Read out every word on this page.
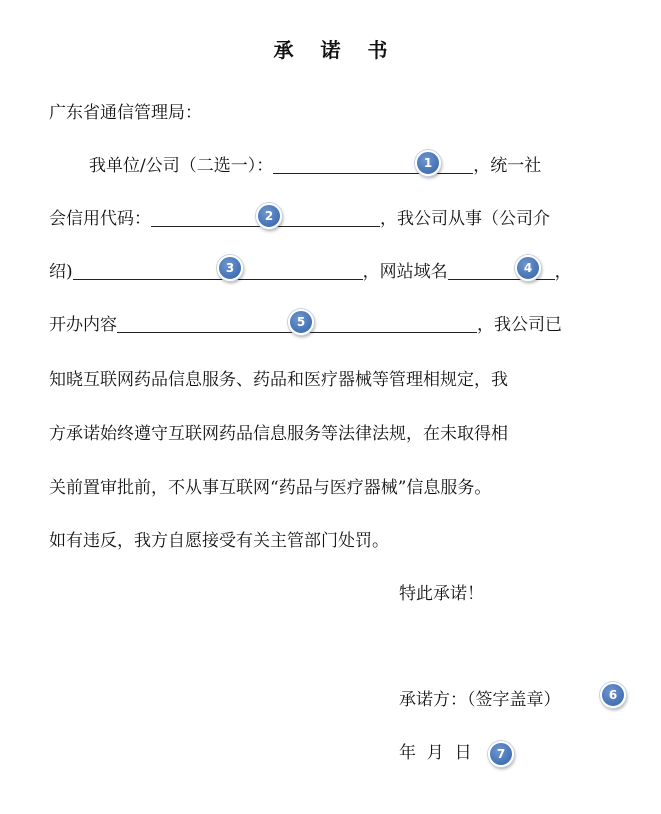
承 诺 书
广东省通信管理局：
我单位/公司（二选一）：	，统一社
会信用代码：	，我公司从事（公司介
绍)	，网站域名	，
开办内容	，我公司已
知晓互联网药品信息服务、药品和医疗器械等管理相规定，我
方承诺始终遵守互联网药品信息服务等法律法规，在未取得相
关前置审批前，不从事互联网“药品与医疗器械”信息服务。
如有违反，我方自愿接受有关主管部门处罚。
特此承诺！
承诺方：（签字盖章）
年  月  日
1
2
3	4
5
6
7
